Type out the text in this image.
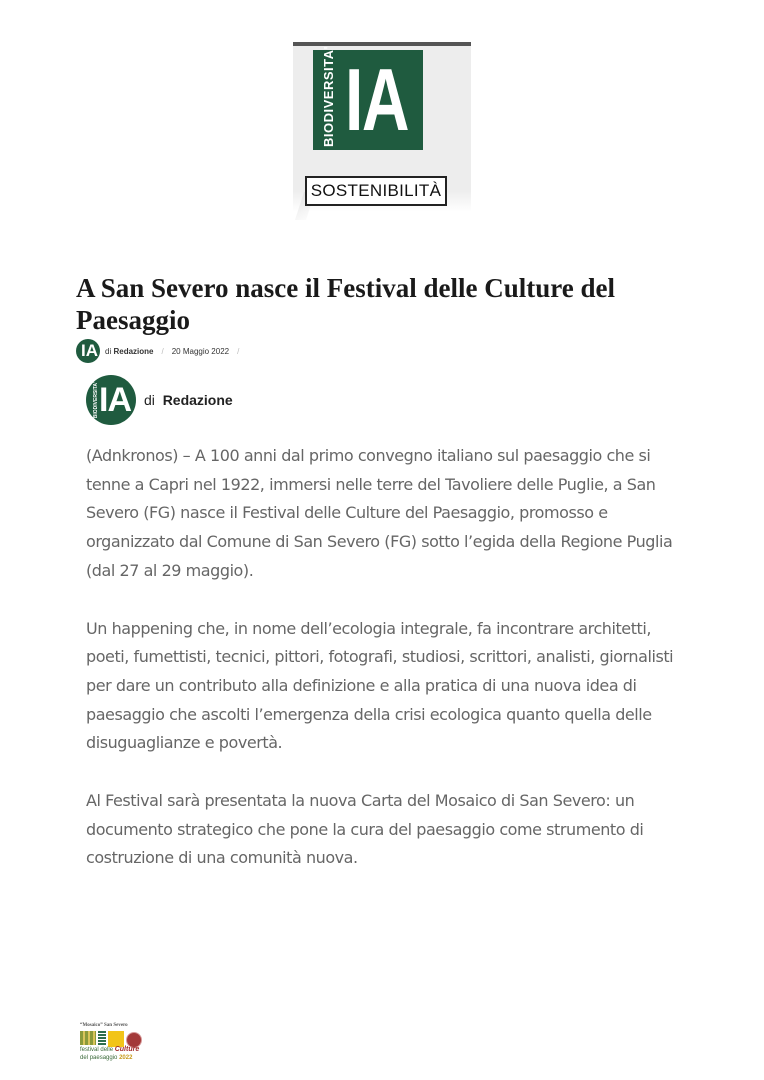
BIODIVERSITA' IA
SOSTENIBILITÀ
A San Severo nasce il Festival delle Culture del Paesaggio
IA di
Redazione / 20 Maggio 2022 /
BIODIVERSITA' IA di Redazione

(Adnkronos) – A 100 anni dal primo convegno italiano sul paesaggio che si tenne a Capri nel 1922, immersi nelle terre del Tavoliere delle Puglie, a San Severo (FG) nasce il Festival delle Culture del Paesaggio, promosso e organizzato dal Comune di San Severo (FG) sotto l’egida della Regione Puglia (dal 27 al 29 maggio).

Un happening che, in nome dell’ecologia integrale, fa incontrare architetti, poeti, fumettisti, tecnici, pittori, fotografi, studiosi, scrittori, analisti, giornalisti per dare un contributo alla definizione e alla pratica di una nuova idea di paesaggio che ascolti l’emergenza della crisi ecologica quanto quella delle disuguaglianze e povertà.

Al Festival sarà presentata la nuova Carta del Mosaico di San Severo: un documento strategico che pone la cura del paesaggio come strumento di costruzione di una comunità nuova.

“Mosaico” San Severo
festival delle Culture
del paesaggio 2022
